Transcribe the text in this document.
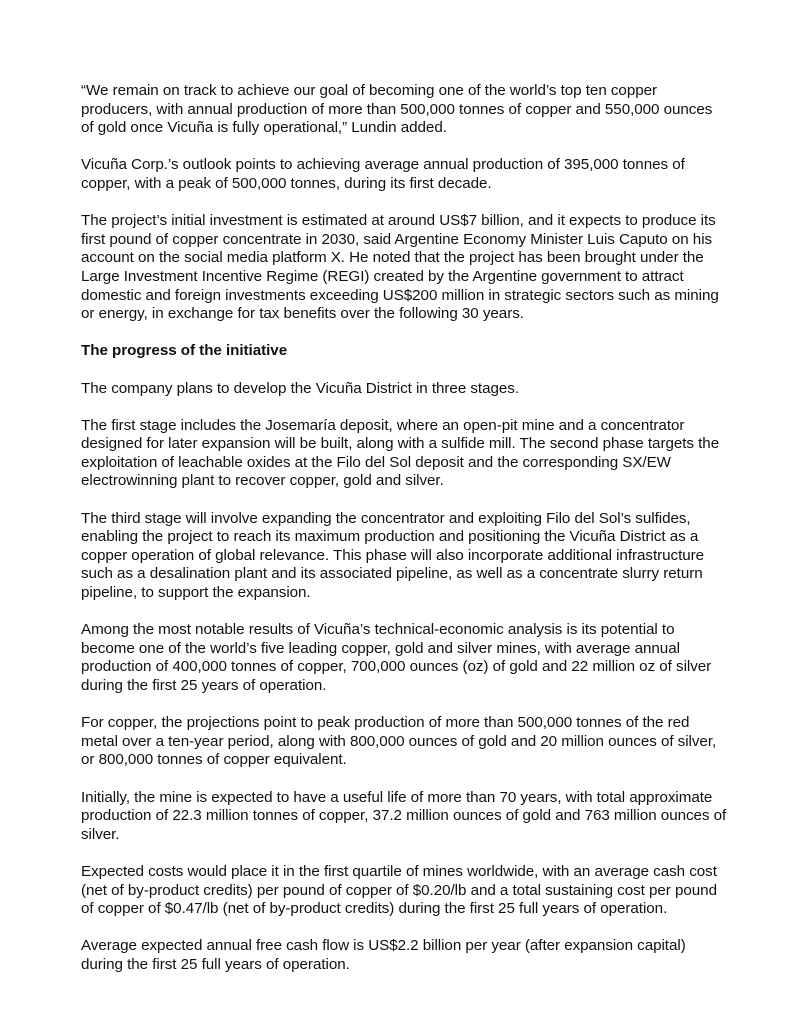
“We remain on track to achieve our goal of becoming one of the world’s top ten copper producers, with annual production of more than 500,000 tonnes of copper and 550,000 ounces of gold once Vicuña is fully operational,” Lundin added.

Vicuña Corp.’s outlook points to achieving average annual production of 395,000 tonnes of copper, with a peak of 500,000 tonnes, during its first decade.

The project’s initial investment is estimated at around US$7 billion, and it expects to produce its first pound of copper concentrate in 2030, said Argentine Economy Minister Luis Caputo on his account on the social media platform X. He noted that the project has been brought under the Large Investment Incentive Regime (REGI) created by the Argentine government to attract domestic and foreign investments exceeding US$200 million in strategic sectors such as mining or energy, in exchange for tax benefits over the following 30 years.

The progress of the initiative

The company plans to develop the Vicuña District in three stages.

The first stage includes the Josemaría deposit, where an open-pit mine and a concentrator designed for later expansion will be built, along with a sulfide mill. The second phase targets the exploitation of leachable oxides at the Filo del Sol deposit and the corresponding SX/EW electrowinning plant to recover copper, gold and silver.

The third stage will involve expanding the concentrator and exploiting Filo del Sol’s sulfides, enabling the project to reach its maximum production and positioning the Vicuña District as a copper operation of global relevance. This phase will also incorporate additional infrastructure such as a desalination plant and its associated pipeline, as well as a concentrate slurry return pipeline, to support the expansion.

Among the most notable results of Vicuña’s technical-economic analysis is its potential to become one of the world’s five leading copper, gold and silver mines, with average annual production of 400,000 tonnes of copper, 700,000 ounces (oz) of gold and 22 million oz of silver during the first 25 years of operation.

For copper, the projections point to peak production of more than 500,000 tonnes of the red metal over a ten-year period, along with 800,000 ounces of gold and 20 million ounces of silver, or 800,000 tonnes of copper equivalent.

Initially, the mine is expected to have a useful life of more than 70 years, with total approximate production of 22.3 million tonnes of copper, 37.2 million ounces of gold and 763 million ounces of silver.

Expected costs would place it in the first quartile of mines worldwide, with an average cash cost (net of by-product credits) per pound of copper of $0.20/lb and a total sustaining cost per pound of copper of $0.47/lb (net of by-product credits) during the first 25 full years of operation.

Average expected annual free cash flow is US$2.2 billion per year (after expansion capital) during the first 25 full years of operation.
